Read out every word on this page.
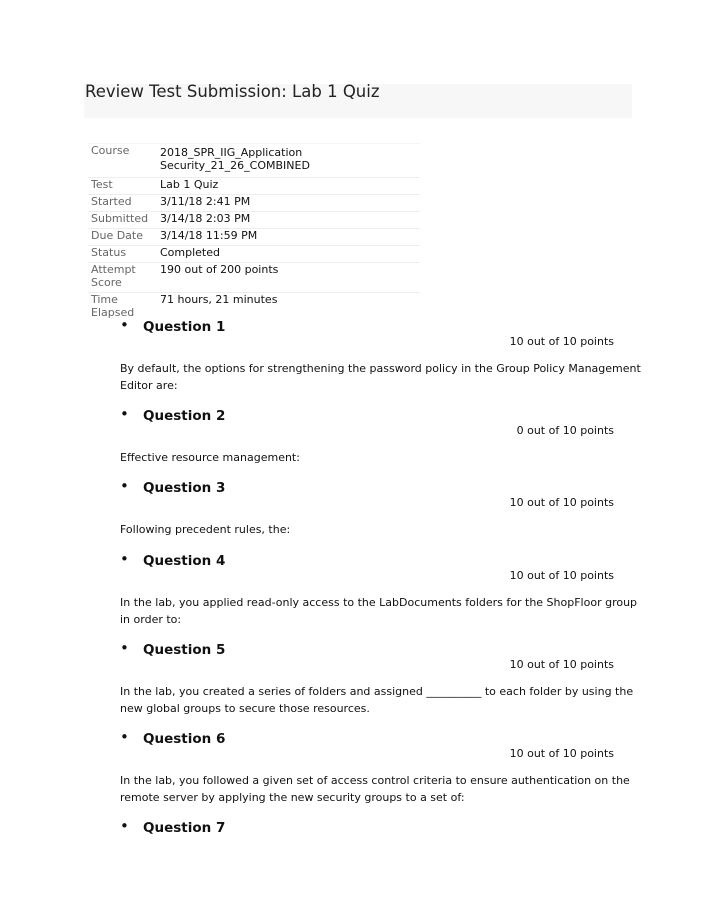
Review Test Submission: Lab 1 Quiz
Course	2018_SPR_IIG_Application Security_21_26_COMBINED
Test	Lab 1 Quiz
Started	3/11/18 2:41 PM
Submitted	3/14/18 2:03 PM
Due Date	3/14/18 11:59 PM
Status	Completed
Attempt Score	190 out of 200 points
Time Elapsed	71 hours, 21 minutes
• Question 1
10 out of 10 points
By default, the options for strengthening the password policy in the Group Policy Management Editor are:
• Question 2
0 out of 10 points
Effective resource management:
• Question 3
10 out of 10 points
Following precedent rules, the:
• Question 4
10 out of 10 points
In the lab, you applied read-only access to the LabDocuments folders for the ShopFloor group in order to:
• Question 5
10 out of 10 points
In the lab, you created a series of folders and assigned __________ to each folder by using the new global groups to secure those resources.
• Question 6
10 out of 10 points
In the lab, you followed a given set of access control criteria to ensure authentication on the remote server by applying the new security groups to a set of:
• Question 7
